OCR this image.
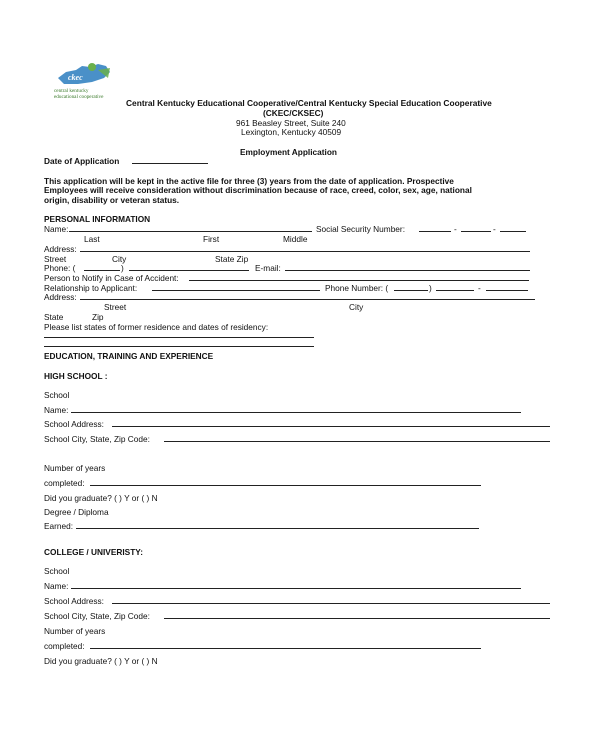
ckec
central kentucky
educational cooperative
Central Kentucky Educational Cooperative/Central Kentucky Special Education Cooperative
(CKEC/CKSEC)
961 Beasley Street, Suite 240
Lexington, Kentucky 40509
Employment Application
Date of Application
This application will be kept in the active file for three (3) years from the date of application. Prospective
Employees will receive consideration without discrimination because of race, creed, color, sex, age, national
origin, disability or veteran status.
PERSONAL INFORMATION
Name:	Social Security Number:	-	-
Last	First	Middle
Address:
Street	City	State Zip
Phone: (	)	E-mail:
Person to Notify in Case of Accident:
Relationship to Applicant:	Phone Number: (	)	-
Address:
Street	City
State	Zip
Please list states of former residence and dates of residency:
EDUCATION, TRAINING AND EXPERIENCE
HIGH SCHOOL :
School
Name:
School Address:
School City, State, Zip Code:
Number of years
completed:
Did you graduate? ( ) Y or ( ) N
Degree / Diploma
Earned:
COLLEGE / UNIVERISTY:
School
Name:
School Address:
School City, State, Zip Code:
Number of years
completed:
Did you graduate? ( ) Y or ( ) N
